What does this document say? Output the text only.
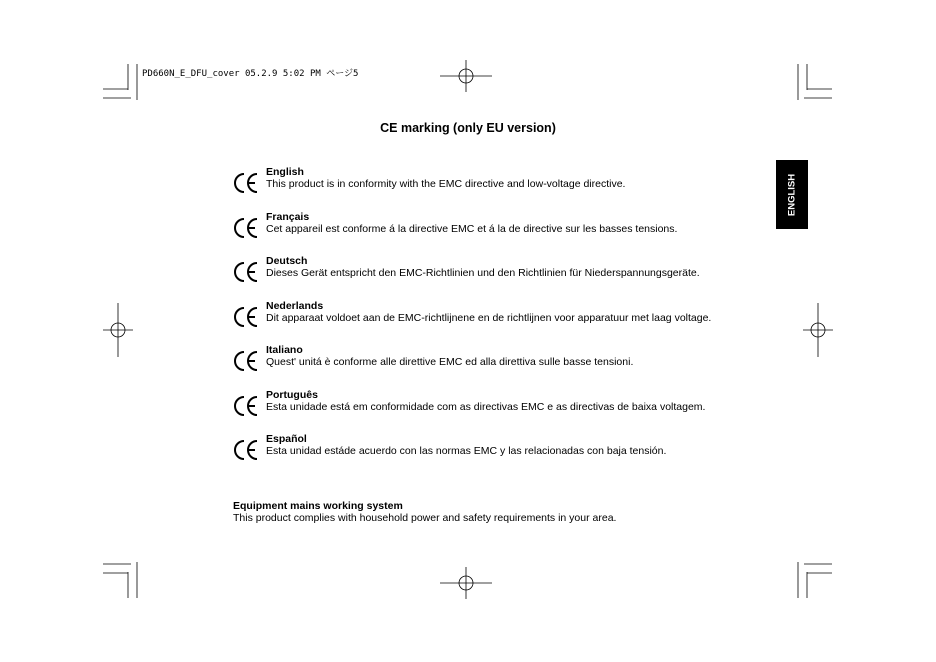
PD660N_E_DFU_cover 05.2.9 5:02 PM ページ5
CE marking (only EU version)
ENGLISH
English
This product is in conformity with the EMC directive and low-voltage directive.
Français
Cet appareil est conforme á la directive EMC et á la de directive sur les basses tensions.
Deutsch
Dieses Gerät entspricht den EMC-Richtlinien und den Richtlinien für Niederspannungsgeräte.
Nederlands
Dit apparaat voldoet aan de EMC-richtlijnene en de richtlijnen voor apparatuur met laag voltage.
Italiano
Quest' unitá è conforme alle direttive EMC ed alla direttiva sulle basse tensioni.
Português
Esta unidade está em conformidade com as directivas EMC e as directivas de baixa voltagem.
Español
Esta unidad estáde acuerdo con las normas EMC y las relacionadas con baja tensión.
Equipment mains working system
This product complies with household power and safety requirements in your area.
